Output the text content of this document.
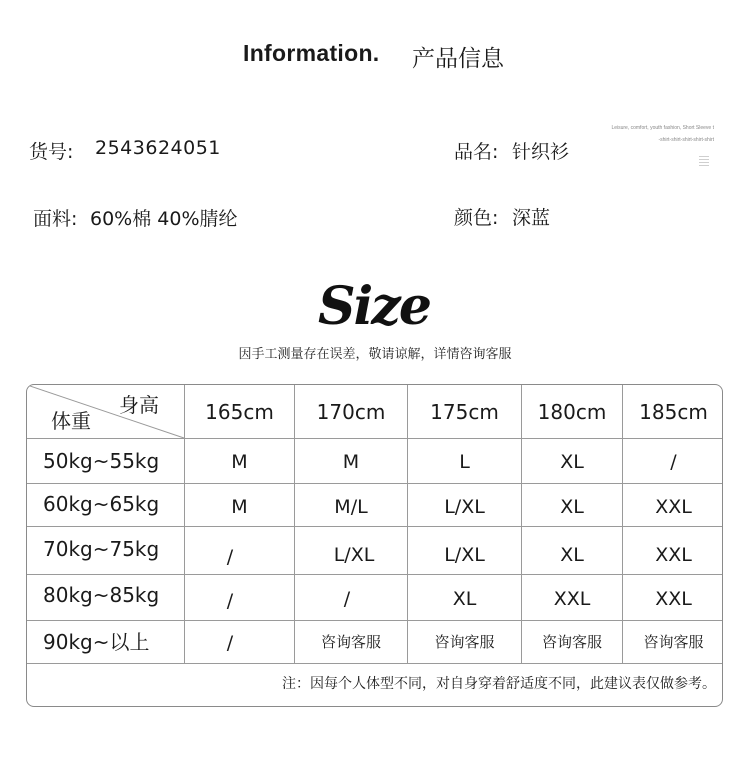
Information. 产品信息
货号: 2543624051	品名: 针织衫
面料: 60%棉 40%腈纶	颜色: 深蓝
Leisure, comfort, youth fashion, Short Sleeve t
-shirt-shirt-shirt-shirt-shirt
Size
因手工测量存在误差，敬请谅解，详情咨询客服
身高
体重	165cm	170cm	175cm	180cm	185cm
50kg~55kg	M	M	L	XL	/
60kg~65kg	M	M/L	L/XL	XL	XXL
70kg~75kg	/	L/XL	L/XL	XL	XXL
80kg~85kg	/	/	XL	XXL	XXL
90kg~以上	/	咨询客服	咨询客服	咨询客服	咨询客服
注：因每个人体型不同，对自身穿着舒适度不同，此建议表仅做参考。
